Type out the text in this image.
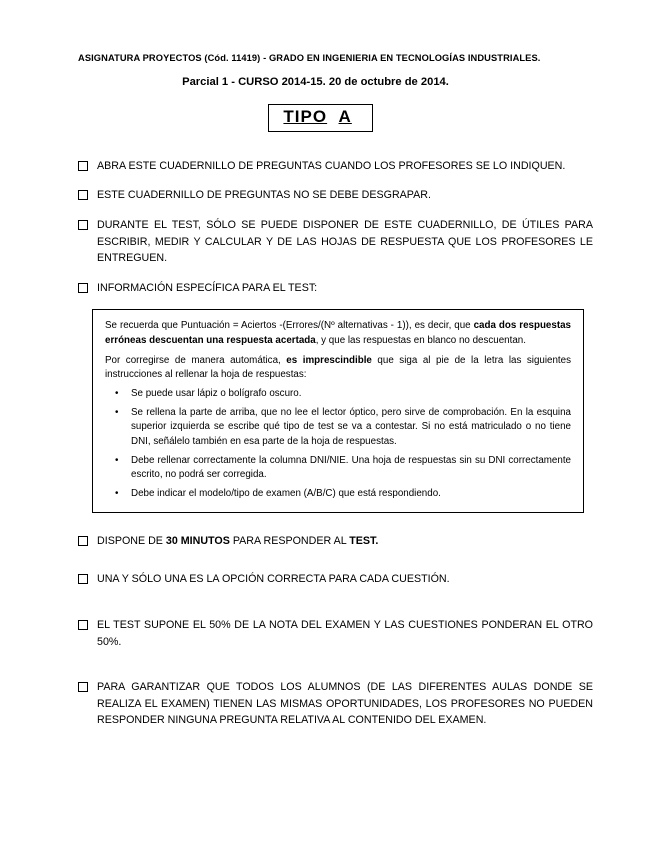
ASIGNATURA PROYECTOS (Cód. 11419) - GRADO EN INGENIERIA EN TECNOLOGÍAS INDUSTRIALES.
Parcial 1 - CURSO 2014-15. 20 de octubre de 2014.
TIPO A
ABRA ESTE CUADERNILLO DE PREGUNTAS CUANDO LOS PROFESORES SE LO INDIQUEN.
ESTE CUADERNILLO DE PREGUNTAS NO SE DEBE DESGRAPAR.
DURANTE EL TEST, SÓLO SE PUEDE DISPONER DE ESTE CUADERNILLO, DE ÚTILES PARA ESCRIBIR, MEDIR Y CALCULAR Y DE LAS HOJAS DE RESPUESTA QUE LOS PROFESORES LE ENTREGUEN.
INFORMACIÓN ESPECÍFICA PARA EL TEST:

Se recuerda que Puntuación = Aciertos -(Errores/(Nº alternativas - 1)), es decir, que cada dos respuestas erróneas descuentan una respuesta acertada, y que las respuestas en blanco no descuentan.

Por corregirse de manera automática, es imprescindible que siga al pie de la letra las siguientes instrucciones al rellenar la hoja de respuestas:

• Se puede usar lápiz o bolígrafo oscuro.
• Se rellena la parte de arriba, que no lee el lector óptico, pero sirve de comprobación. En la esquina superior izquierda se escribe qué tipo de test se va a contestar. Si no está matriculado o no tiene DNI, señálelo también en esa parte de la hoja de respuestas.
• Debe rellenar correctamente la columna DNI/NIE. Una hoja de respuestas sin su DNI correctamente escrito, no podrá ser corregida.
• Debe indicar el modelo/tipo de examen (A/B/C) que está respondiendo.
DISPONE DE 30 MINUTOS PARA RESPONDER AL TEST.
UNA Y SÓLO UNA ES LA OPCIÓN CORRECTA PARA CADA CUESTIÓN.
EL TEST SUPONE EL 50% DE LA NOTA DEL EXAMEN Y LAS CUESTIONES PONDERAN EL OTRO 50%.
PARA GARANTIZAR QUE TODOS LOS ALUMNOS (DE LAS DIFERENTES AULAS DONDE SE REALIZA EL EXAMEN) TIENEN LAS MISMAS OPORTUNIDADES, LOS PROFESORES NO PUEDEN RESPONDER NINGUNA PREGUNTA RELATIVA AL CONTENIDO DEL EXAMEN.
